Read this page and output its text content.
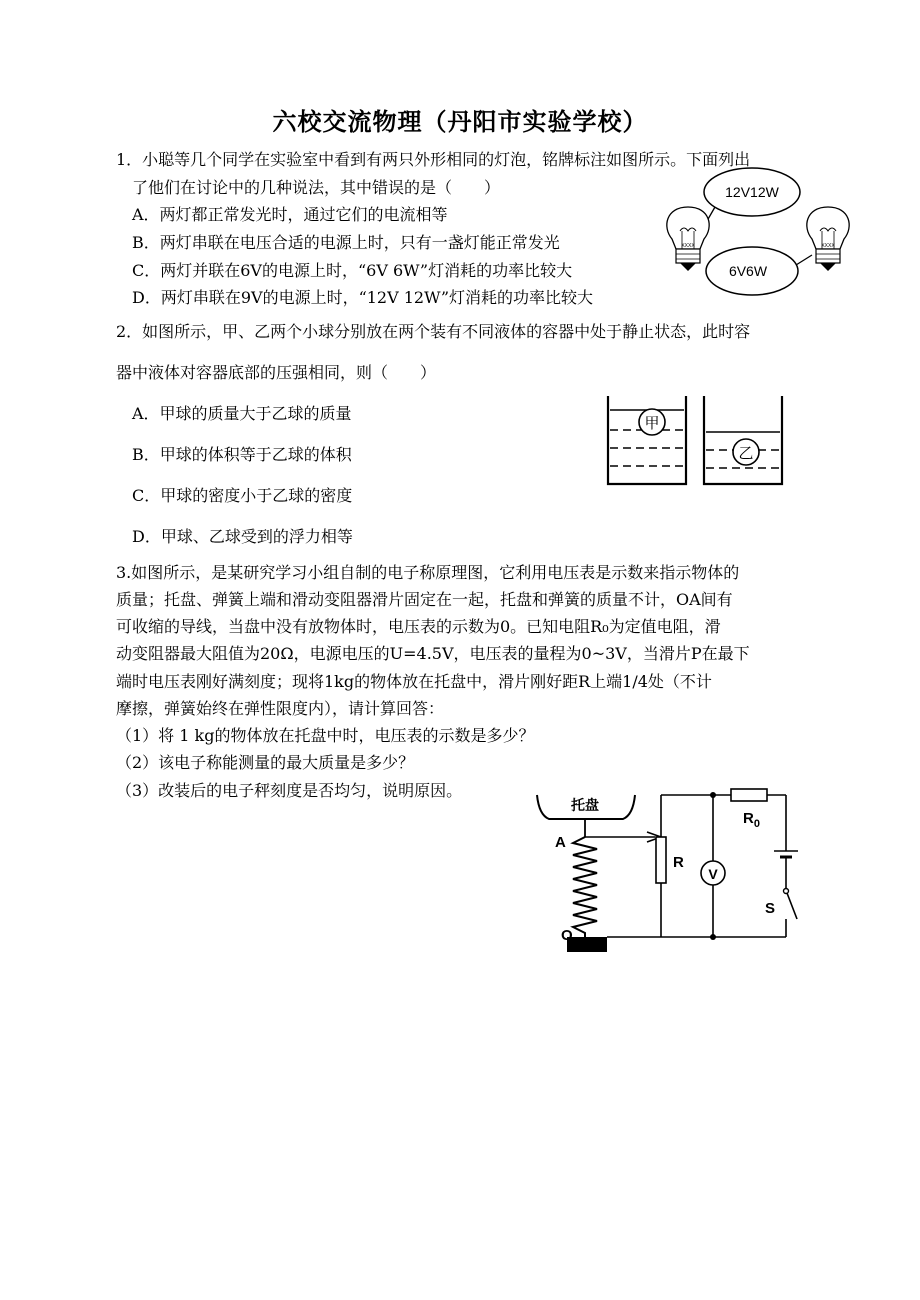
六校交流物理（丹阳市实验学校）
1．小聪等几个同学在实验室中看到有两只外形相同的灯泡，铭牌标注如图所示。下面列出
了他们在讨论中的几种说法，其中错误的是（　　）
A．两灯都正常发光时，通过它们的电流相等
B．两灯串联在电压合适的电源上时，只有一盏灯能正常发光
C．两灯并联在6V的电源上时，“6V 6W”灯消耗的功率比较大
D．两灯串联在9V的电源上时，“12V 12W”灯消耗的功率比较大
12V12W
6V6W
XXXX	XXXX
2．如图所示，甲、乙两个小球分别放在两个装有不同液体的容器中处于静止状态，此时容
器中液体对容器底部的压强相同，则（　　）
A．甲球的质量大于乙球的质量
B．甲球的体积等于乙球的体积
C．甲球的密度小于乙球的密度
D．甲球、乙球受到的浮力相等
甲
乙
3.如图所示，是某研究学习小组自制的电子称原理图，它利用电压表是示数来指示物体的
质量；托盘、弹簧上端和滑动变阻器滑片固定在一起，托盘和弹簧的质量不计，OA间有
可收缩的导线，当盘中没有放物体时，电压表的示数为0。已知电阻R₀为定值电阻，滑
动变阻器最大阻值为20Ω，电源电压的U=4.5V，电压表的量程为0~3V，当滑片P在最下
端时电压表刚好满刻度；现将1kg的物体放在托盘中，滑片刚好距R上端1/4处（不计
摩擦，弹簧始终在弹性限度内），请计算回答：
（1）将 1 kg的物体放在托盘中时，电压表的示数是多少？
（2）该电子称能测量的最大质量是多少？
（3）改装后的电子秤刻度是否均匀，说明原因。
托盘
A
O
R
V
$R_0$
S
